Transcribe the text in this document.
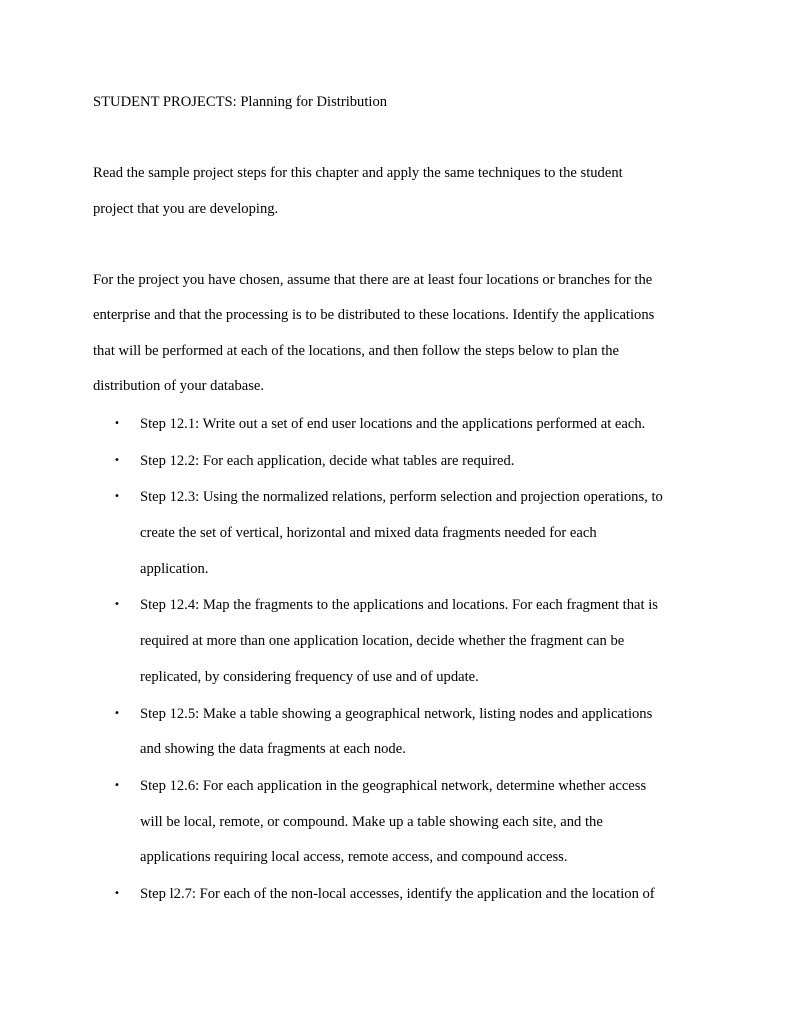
STUDENT PROJECTS: Planning for Distribution
Read the sample project steps for this chapter and apply the same techniques to the student
project that you are developing.
For the project you have chosen, assume that there are at least four locations or branches for the
enterprise and that the processing is to be distributed to these locations. Identify the applications
that will be performed at each of the locations, and then follow the steps below to plan the
distribution of your database.
• Step 12.1: Write out a set of end user locations and the applications performed at each.
• Step 12.2: For each application, decide what tables are required.
• Step 12.3: Using the normalized relations, perform selection and projection operations, to
create the set of vertical, horizontal and mixed data fragments needed for each
application.
• Step 12.4: Map the fragments to the applications and locations. For each fragment that is
required at more than one application location, decide whether the fragment can be
replicated, by considering frequency of use and of update.
• Step 12.5: Make a table showing a geographical network, listing nodes and applications
and showing the data fragments at each node.
• Step 12.6: For each application in the geographical network, determine whether access
will be local, remote, or compound. Make up a table showing each site, and the
applications requiring local access, remote access, and compound access.
• Step l2.7: For each of the non-local accesses, identify the application and the location of
